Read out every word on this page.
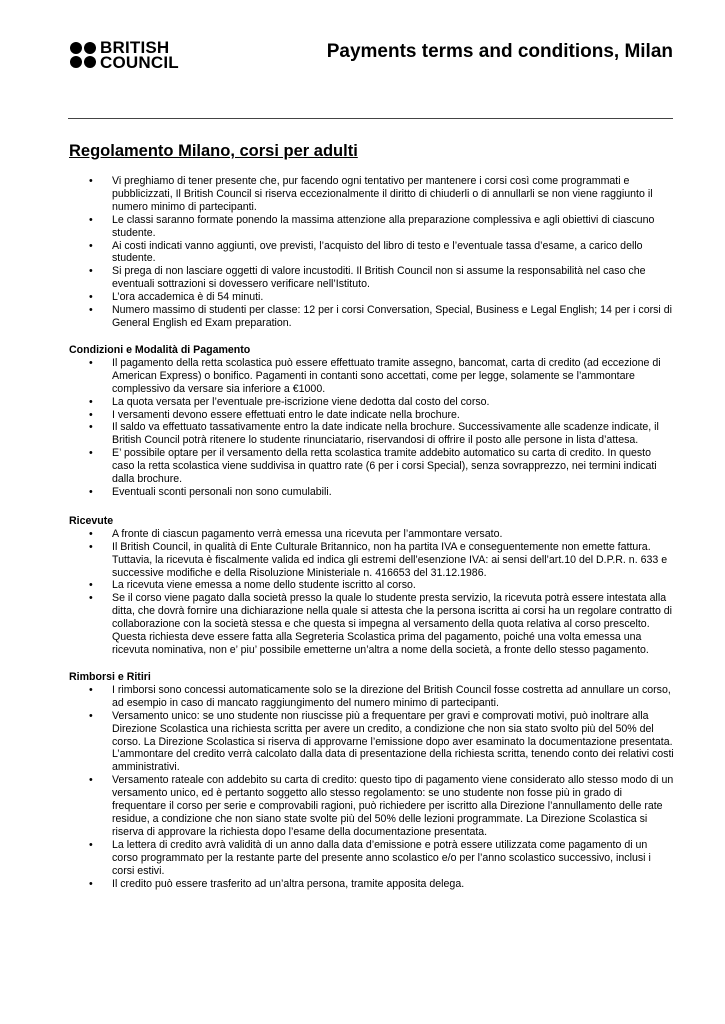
BRITISH
COUNCIL
Payments terms and conditions, Milan
Regolamento Milano, corsi per adulti
• Vi preghiamo di tener presente che, pur facendo ogni tentativo per mantenere i corsi così come programmati e pubblicizzati, Il British Council si riserva eccezionalmente il diritto di chiuderli o di annullarli se non viene raggiunto il numero minimo di partecipanti.
• Le classi saranno formate ponendo la massima attenzione alla preparazione complessiva e agli obiettivi di ciascuno studente.
• Ai costi indicati vanno aggiunti, ove previsti, l’acquisto del libro di testo e l’eventuale tassa d’esame, a carico dello studente.
• Si prega di non lasciare oggetti di valore incustoditi. Il British Council non si assume la responsabilità nel caso che eventuali sottrazioni si dovessero verificare nell’Istituto.
• L’ora accademica è di 54 minuti.
• Numero massimo di studenti per classe: 12 per i corsi Conversation, Special, Business e Legal English; 14 per i corsi di General English ed Exam preparation.
Condizioni e Modalità di Pagamento
• Il pagamento della retta scolastica può essere effettuato tramite assegno, bancomat, carta di credito (ad eccezione di American Express) o bonifico. Pagamenti in contanti sono accettati, come per legge, solamente se l’ammontare complessivo da versare sia inferiore a €1000.
• La quota versata per l’eventuale pre-iscrizione viene dedotta dal costo del corso.
• I versamenti devono essere effettuati entro le date indicate nella brochure.
• Il saldo va effettuato tassativamente entro la date indicate nella brochure. Successivamente alle scadenze indicate, il British Council potrà ritenere lo studente rinunciatario, riservandosi di offrire il posto alle persone in lista d’attesa.
• E’ possibile optare per il versamento della retta scolastica tramite addebito automatico su carta di credito. In questo caso la retta scolastica viene suddivisa in quattro rate (6 per i corsi Special), senza sovrapprezzo, nei termini indicati dalla brochure.
• Eventuali sconti personali non sono cumulabili.
Ricevute
• A fronte di ciascun pagamento verrà emessa una ricevuta per l’ammontare versato.
• Il British Council, in qualità di Ente Culturale Britannico, non ha partita IVA e conseguentemente non emette fattura. Tuttavia, la ricevuta è fiscalmente valida ed indica gli estremi dell’esenzione IVA: ai sensi dell’art.10 del D.P.R. n. 633 e successive modifiche e della Risoluzione Ministeriale n. 416653 del 31.12.1986.
• La ricevuta viene emessa a nome dello studente iscritto al corso.
• Se il corso viene pagato dalla società presso la quale lo studente presta servizio, la ricevuta potrà essere intestata alla ditta, che dovrà fornire una dichiarazione nella quale si attesta che la persona iscritta ai corsi ha un regolare contratto di collaborazione con la società stessa e che questa si impegna al versamento della quota relativa al corso prescelto. Questa richiesta deve essere fatta alla Segreteria Scolastica prima del pagamento, poiché una volta emessa una ricevuta nominativa, non e’ piu’ possibile emetterne un’altra a nome della società, a fronte dello stesso pagamento.
Rimborsi e Ritiri
• I rimborsi sono concessi automaticamente solo se la direzione del British Council fosse costretta ad annullare un corso, ad esempio in caso di mancato raggiungimento del numero minimo di partecipanti.
• Versamento unico: se uno studente non riuscisse più a frequentare per gravi e comprovati motivi, può inoltrare alla Direzione Scolastica una richiesta scritta per avere un credito, a condizione che non sia stato svolto più del 50% del corso. La Direzione Scolastica si riserva di approvarne l’emissione dopo aver esaminato la documentazione presentata. L’ammontare del credito verrà calcolato dalla data di presentazione della richiesta scritta, tenendo conto dei relativi costi amministrativi.
• Versamento rateale con addebito su carta di credito: questo tipo di pagamento viene considerato allo stesso modo di un versamento unico, ed è pertanto soggetto allo stesso regolamento: se uno studente non fosse più in grado di frequentare il corso per serie e comprovabili ragioni, può richiedere per iscritto alla Direzione l’annullamento delle rate residue, a condizione che non siano state svolte più del 50% delle lezioni programmate. La Direzione Scolastica si riserva di approvare la richiesta dopo l’esame della documentazione presentata.
• La lettera di credito avrà validità di un anno dalla data d’emissione e potrà essere utilizzata come pagamento di un corso programmato per la restante parte del presente anno scolastico e/o per l’anno scolastico successivo, inclusi i corsi estivi.
• Il credito può essere trasferito ad un’altra persona, tramite apposita delega.
